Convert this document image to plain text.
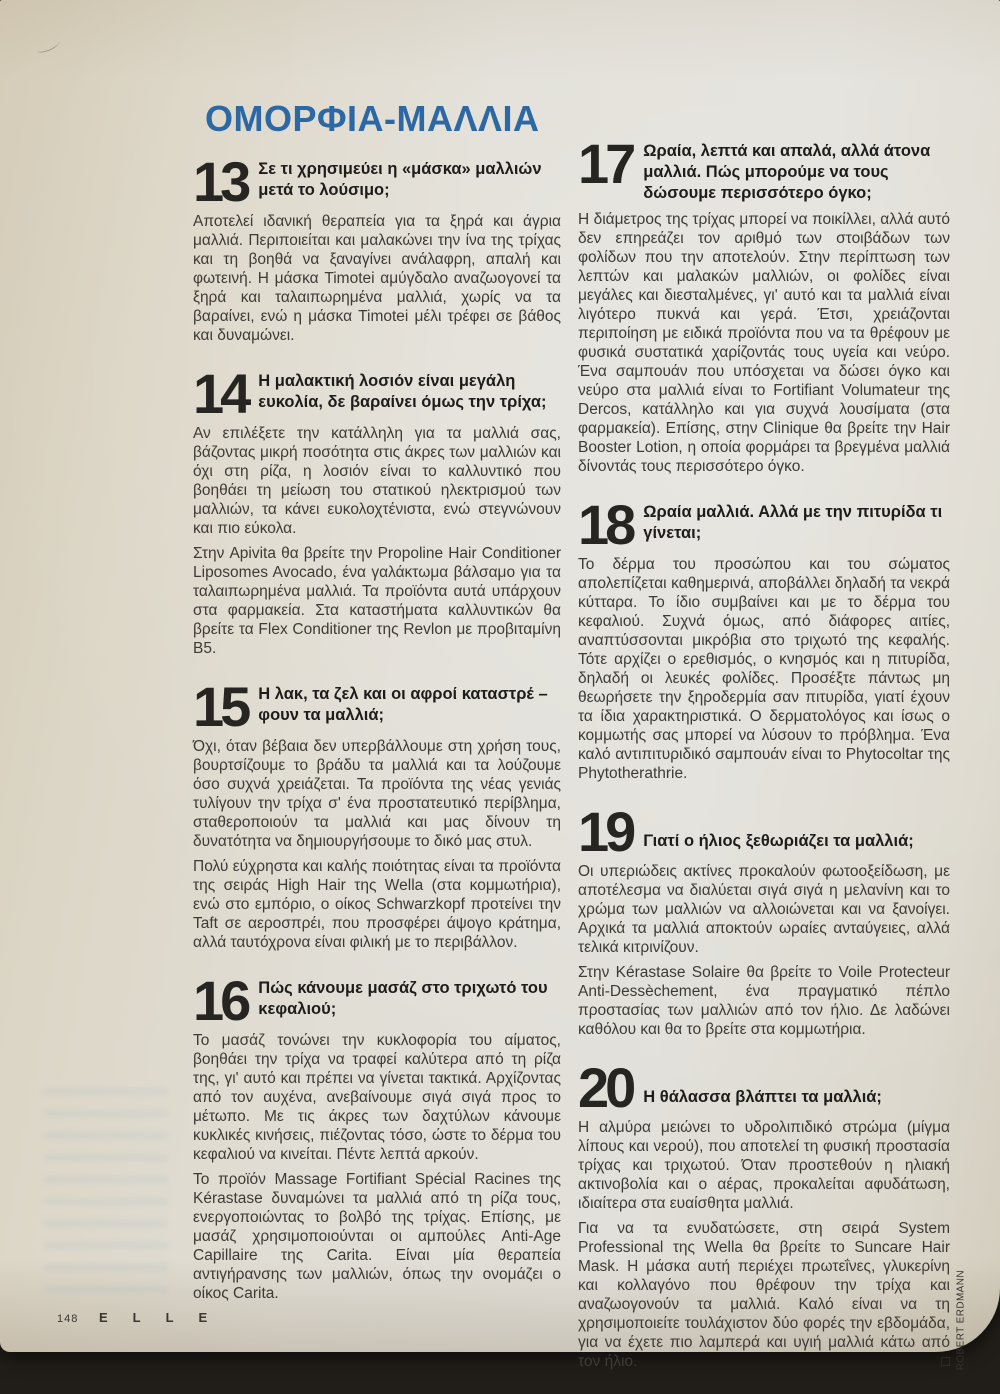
ΟΜΟΡΦΙΑ-ΜΑΛΛΙΑ
13 Σε τι χρησιμεύει η «μάσκα» μαλλιών μετά το λούσιμο;

Αποτελεί ιδανική θεραπεία για τα ξηρά και άγρια μαλλιά. Περιποιείται και μαλακώνει την ίνα της τρίχας και τη βοηθά να ξαναγίνει ανάλαφρη, απαλή και φωτεινή. Η μάσκα Timotei αμύγδαλο αναζωογονεί τα ξηρά και ταλαιπωρημένα μαλλιά, χωρίς να τα βαραίνει, ενώ η μάσκα Timotei μέλι τρέφει σε βάθος και δυναμώνει.

14 Η μαλακτική λοσιόν είναι μεγάλη ευκολία, δε βαραίνει όμως την τρίχα;

Αν επιλέξετε την κατάλληλη για τα μαλλιά σας, βάζοντας μικρή ποσότητα στις άκρες των μαλλιών και όχι στη ρίζα, η λοσιόν είναι το καλλυντικό που βοηθάει τη μείωση του στατικού ηλεκτρισμού των μαλλιών, τα κάνει ευκολοχτένιστα, ενώ στεγνώνουν και πιο εύκολα.

Στην Apivita θα βρείτε την Propoline Hair Conditioner Liposomes Avocado, ένα γαλάκτωμα βάλσαμο για τα ταλαιπωρημένα μαλλιά. Τα προϊόντα αυτά υπάρχουν στα φαρμακεία. Στα καταστήματα καλλυντικών θα βρείτε τα Flex Conditioner της Revlon με προβιταμίνη Β5.

15 Η λακ, τα ζελ και οι αφροί καταστρέ – φουν τα μαλλιά;

Όχι, όταν βέβαια δεν υπερβάλλουμε στη χρήση τους, βουρτσίζουμε το βράδυ τα μαλλιά και τα λούζουμε όσο συχνά χρειάζεται. Τα προϊόντα της νέας γενιάς τυλίγουν την τρίχα σ' ένα προστατευτικό περίβλημα, σταθεροποιούν τα μαλλιά και μας δίνουν τη δυνατότητα να δημιουργήσουμε το δικό μας στυλ.

Πολύ εύχρηστα και καλής ποιότητας είναι τα προϊόντα της σειράς High Hair της Wella (στα κομμωτήρια), ενώ στο εμπόριο, ο οίκος Schwarzkopf προτείνει την Taft σε αεροσπρέι, που προσφέρει άψογο κράτημα, αλλά ταυτόχρονα είναι φιλική με το περιβάλλον.

16 Πώς κάνουμε μασάζ στο τριχωτό του κεφαλιού;

Το μασάζ τονώνει την κυκλοφορία του αίματος, βοηθάει την τρίχα να τραφεί καλύτερα από τη ρίζα της, γι' αυτό και πρέπει να γίνεται τακτικά. Αρχίζοντας από τον αυχένα, ανεβαίνουμε σιγά σιγά προς το μέτωπο. Με τις άκρες των δαχτύλων κάνουμε κυκλικές κινήσεις, πιέζοντας τόσο, ώστε το δέρμα του κεφαλιού να κινείται. Πέντε λεπτά αρκούν.

Το προϊόν Massage Fortifiant Spécial Racines της Kérastase δυναμώνει τα μαλλιά από τη ρίζα τους, ενεργοποιώντας το βολβό της τρίχας. Επίσης, με μασάζ χρησιμοποιούνται οι αμπούλες Anti-Age Capillaire της Carita. Είναι μία θεραπεία αντιγήρανσης των μαλλιών, όπως την ονομάζει ο οίκος Carita.

17 Ωραία, λεπτά και απαλά, αλλά άτονα μαλλιά. Πώς μπορούμε να τους δώσουμε περισσότερο όγκο;

Η διάμετρος της τρίχας μπορεί να ποικίλλει, αλλά αυτό δεν επηρεάζει τον αριθμό των στοιβάδων των φολίδων που την αποτελούν. Στην περίπτωση των λεπτών και μαλακών μαλλιών, οι φολίδες είναι μεγάλες και διεσταλμένες, γι' αυτό και τα μαλλιά είναι λιγότερο πυκνά και γερά. Έτσι, χρειάζονται περιποίηση με ειδικά προϊόντα που να τα θρέφουν με φυσικά συστατικά χαρίζοντάς τους υγεία και νεύρο. Ένα σαμπουάν που υπόσχεται να δώσει όγκο και νεύρο στα μαλλιά είναι το Fortifiant Volumateur της Dercos, κατάλληλο και για συχνά λουσίματα (στα φαρμακεία). Επίσης, στην Clinique θα βρείτε την Hair Booster Lotion, η οποία φορμάρει τα βρεγμένα μαλλιά δίνοντάς τους περισσότερο όγκο.

18 Ωραία μαλλιά. Αλλά με την πιτυρίδα τι γίνεται;

Το δέρμα του προσώπου και του σώματος απολεπίζεται καθημερινά, αποβάλλει δηλαδή τα νεκρά κύτταρα. Το ίδιο συμβαίνει και με το δέρμα του κεφαλιού. Συχνά όμως, από διάφορες αιτίες, αναπτύσσονται μικρόβια στο τριχωτό της κεφαλής. Τότε αρχίζει ο ερεθισμός, ο κνησμός και η πιτυρίδα, δηλαδή οι λευκές φολίδες. Προσέξτε πάντως μη θεωρήσετε την ξηροδερμία σαν πιτυρίδα, γιατί έχουν τα ίδια χαρακτηριστικά. Ο δερματολόγος και ίσως ο κομμωτής σας μπορεί να λύσουν το πρόβλημα. Ένα καλό αντιπιτυριδικό σαμπουάν είναι το Phytocoltar της Phytotherathrie.

19 Γιατί ο ήλιος ξεθωριάζει τα μαλλιά;

Οι υπεριώδεις ακτίνες προκαλούν φωτοοξείδωση, με αποτέλεσμα να διαλύεται σιγά σιγά η μελανίνη και το χρώμα των μαλλιών να αλλοιώνεται και να ξανοίγει. Αρχικά τα μαλλιά αποκτούν ωραίες ανταύγειες, αλλά τελικά κιτρινίζουν.

Στην Kérastase Solaire θα βρείτε το Voile Protecteur Anti-Dessèchement, ένα πραγματικό πέπλο προστασίας των μαλλιών από τον ήλιο. Δε λαδώνει καθόλου και θα το βρείτε στα κομμωτήρια.

20 Η θάλασσα βλάπτει τα μαλλιά;

Η αλμύρα μειώνει το υδρολιπιδικό στρώμα (μίγμα λίπους και νερού), που αποτελεί τη φυσική προστασία τρίχας και τριχωτού. Όταν προστεθούν η ηλιακή ακτινοβολία και ο αέρας, προκαλείται αφυδάτωση, ιδιαίτερα στα ευαίσθητα μαλλιά.

Για να τα ενυδατώσετε, στη σειρά System Professional της Wella θα βρείτε το Suncare Hair Mask. Η μάσκα αυτή περιέχει πρωτεΐνες, γλυκερίνη και κολλαγόνο που θρέφουν την τρίχα και αναζωογονούν τα μαλλιά. Καλό είναι να τη χρησιμοποιείτε τουλάχιστον δύο φορές την εβδομάδα, για να έχετε πιο λαμπερά και υγιή μαλλιά κάτω από τον ήλιο.	□

148 ELLE	ROBERT ERDMANN
